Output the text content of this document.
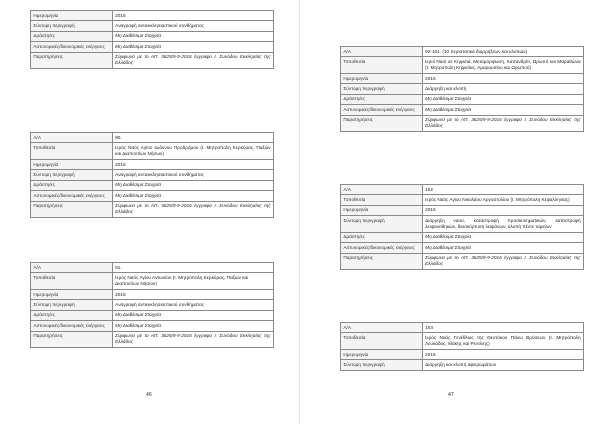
Ημερομηνία	2015
Σύντομη περιγραφή	Αναγραφή αντιεκκλησιαστικού συνθήματος
Δράστη/ες	Μη Διαθέσιμα Στοιχεία
Αστυνομικές/δικονομικές ενέργειες	Μη Διαθέσιμα Στοιχεία
Παρατηρήσεις	Σύμφωνα με το ΑΠ. 3625/9-9-2016 έγγραφο Ι. Συνόδου Εκκλησίας της Ελλάδος
Α/Α	90.
Τοποθεσία	Ιερός Ναός Αγίου Ιωάννου Προδρόμου (Ι. Μητρόπολη Κερκύρας, Παξών και Διαποντίων Νήσων)
Ημερομηνία	2015
Σύντομη περιγραφή	Αναγραφή αντιεκκλησιαστικού συνθήματος
Δράστη/ες	Μη Διαθέσιμα Στοιχεία
Αστυνομικές/δικονομικές ενέργειες	Μη Διαθέσιμα Στοιχεία
Παρατηρήσεις	Σύμφωνα με το ΑΠ. 3625/9-9-2016 έγγραφο Ι. Συνόδου Εκκλησίας της Ελλάδος
Α/Α	91.
Τοποθεσία	Ιερός Ναός Αγίου Αντωνίου (Ι. Μητρόπολη Κερκύρας, Παξών και Διαποντίων Νήσων)
Ημερομηνία	2015
Σύντομη περιγραφή	Αναγραφή αντιεκκλησιαστικού συνθήματος
Δράστη/ες	Μη Διαθέσιμα Στοιχεία
Αστυνομικές/δικονομικές ενέργειες	Μη Διαθέσιμα Στοιχεία
Παρατηρήσεις	Σύμφωνα με το ΑΠ. 3625/9-9-2016 έγγραφο Ι. Συνόδου Εκκλησίας της Ελλάδος
46
Α/Α	92-101. (10 περιστατικά διαρρήξεων και κλοπών)
Τοποθεσία	Ιεροί Ναοί σε Κηφισιά, Μεταμόρφωση, Καπανδρίτι, Ωρωπό και Μαραθώνα (Ι. Μητρόπολη Κηφισίας, Αμαρουσίου και Ωρωπού)
Ημερομηνία	2015
Σύντομη περιγραφή	Διάρρηξη και κλοπή
Δράστη/ες	Μη Διαθέσιμα Στοιχεία
Αστυνομικές/δικονομικές ενέργειες	Μη Διαθέσιμα Στοιχεία
Παρατηρήσεις	Σύμφωνα με το ΑΠ. 3625/9-9-2016 έγγραφο Ι. Συνόδου Εκκλησίας της Ελλάδος
Α/Α	102
Τοποθεσία	Ιερός Ναός Αγίου Νικολάου Αργοστολίου (Ι. Μητρόπολη Κεφαλληνίας)
Ημερομηνία	2015
Σύντομη περιγραφή	Διάρρηξη ναού, καταστροφή προσκυνηματικών, καταστροφή λειψανοθηκών, διασκόρπιση λειψάνων, κλοπή πέντε ταμείων
Δράστη/ες	Μη Διαθέσιμα Στοιχεία
Αστυνομικές/δικονομικές ενέργειες	Μη Διαθέσιμα Στοιχεία
Παρατηρήσεις	Σύμφωνα με το ΑΠ. 3625/9-9-2016 έγγραφο Ι. Συνόδου Εκκλησίας της Ελλάδος
Α/Α	103
Τοποθεσία	Ιερός Ναός Γενέθλιος της Θεοτόκου Πάνω Βρύσεων (Ι. Μητρόπολη Λευκάδος, Ιθάκης και Ρεντίνης)
Ημερομηνία	2015
Σύντομη περιγραφή	Διάρρηξη και κλοπή αφιερωμάτων
47
